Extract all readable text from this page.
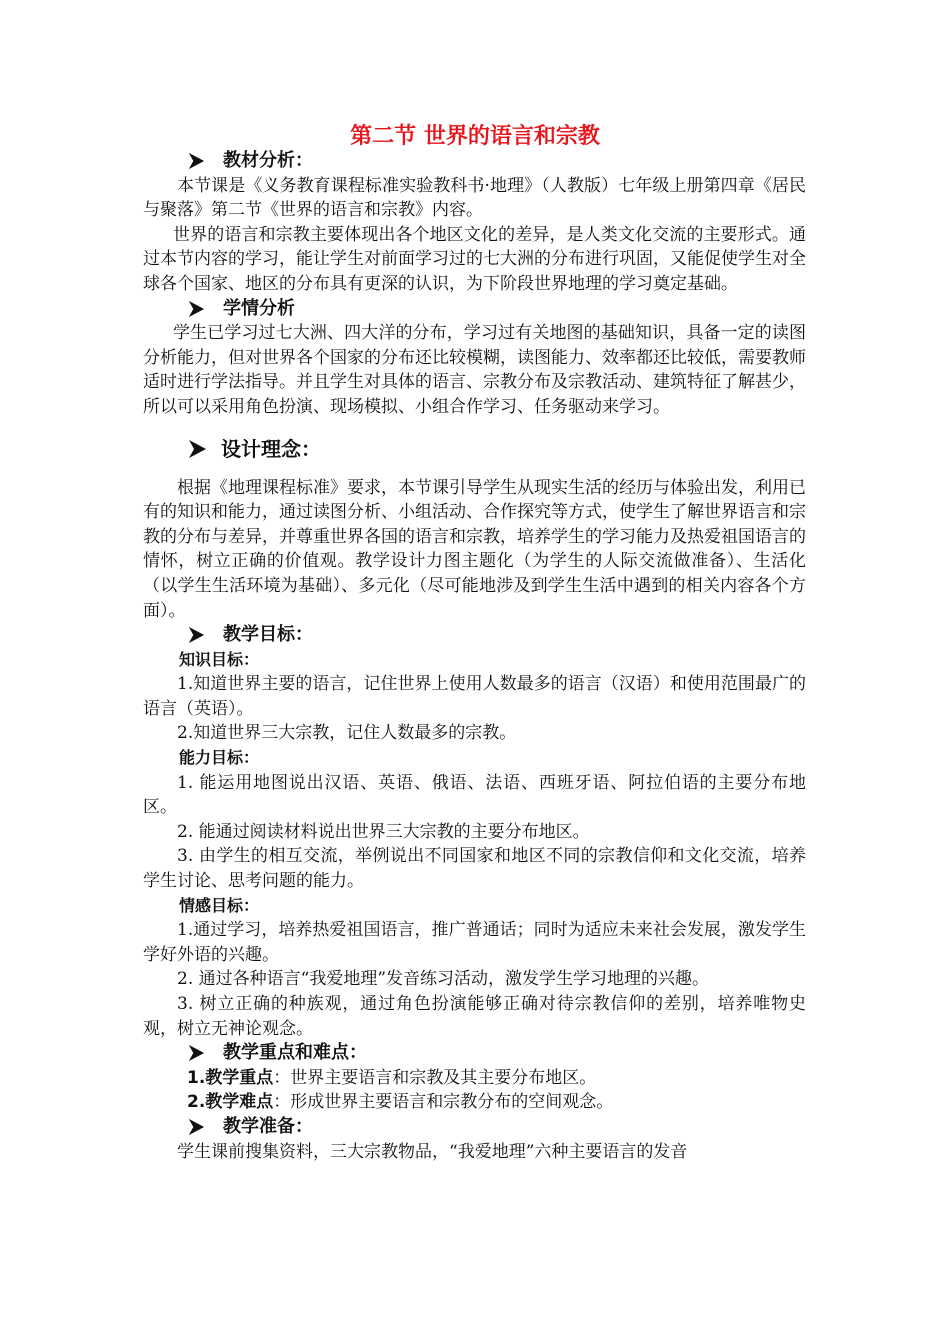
第二节 世界的语言和宗教
教材分析：

本节课是《义务教育课程标准实验教科书·地理》（人教版）七年级上册第四章《居民与聚落》第二节《世界的语言和宗教》内容。

世界的语言和宗教主要体现出各个地区文化的差异，是人类文化交流的主要形式。通过本节内容的学习，能让学生对前面学习过的七大洲的分布进行巩固，又能促使学生对全球各个国家、地区的分布具有更深的认识，为下阶段世界地理的学习奠定基础。

学情分析

学生已学习过七大洲、四大洋的分布，学习过有关地图的基础知识，具备一定的读图分析能力，但对世界各个国家的分布还比较模糊，读图能力、效率都还比较低，需要教师适时进行学法指导。并且学生对具体的语言、宗教分布及宗教活动、建筑特征了解甚少，所以可以采用角色扮演、现场模拟、小组合作学习、任务驱动来学习。

设计理念：

根据《地理课程标准》要求，本节课引导学生从现实生活的经历与体验出发，利用已有的知识和能力，通过读图分析、小组活动、合作探究等方式，使学生了解世界语言和宗教的分布与差异，并尊重世界各国的语言和宗教，培养学生的学习能力及热爱祖国语言的情怀，树立正确的价值观。教学设计力图主题化（为学生的人际交流做准备）、生活化（以学生生活环境为基础）、多元化（尽可能地涉及到学生生活中遇到的相关内容各个方面）。

教学目标：
知识目标：

1.知道世界主要的语言，记住世界上使用人数最多的语言（汉语）和使用范围最广的语言（英语）。

2.知道世界三大宗教，记住人数最多的宗教。

能力目标：

1. 能运用地图说出汉语、英语、俄语、法语、西班牙语、阿拉伯语的主要分布地区。

2. 能通过阅读材料说出世界三大宗教的主要分布地区。

3. 由学生的相互交流，举例说出不同国家和地区不同的宗教信仰和文化交流，培养学生讨论、思考问题的能力。

情感目标：

1.通过学习，培养热爱祖国语言，推广普通话；同时为适应未来社会发展，激发学生学好外语的兴趣。

2. 通过各种语言“我爱地理”发音练习活动，激发学生学习地理的兴趣。

3. 树立正确的种族观，通过角色扮演能够正确对待宗教信仰的差别，培养唯物史观，树立无神论观念。

教学重点和难点：
1.教学重点：世界主要语言和宗教及其主要分布地区。
2.教学难点：形成世界主要语言和宗教分布的空间观念。
教学准备：

学生课前搜集资料，三大宗教物品，“我爱地理”六种主要语言的发音
